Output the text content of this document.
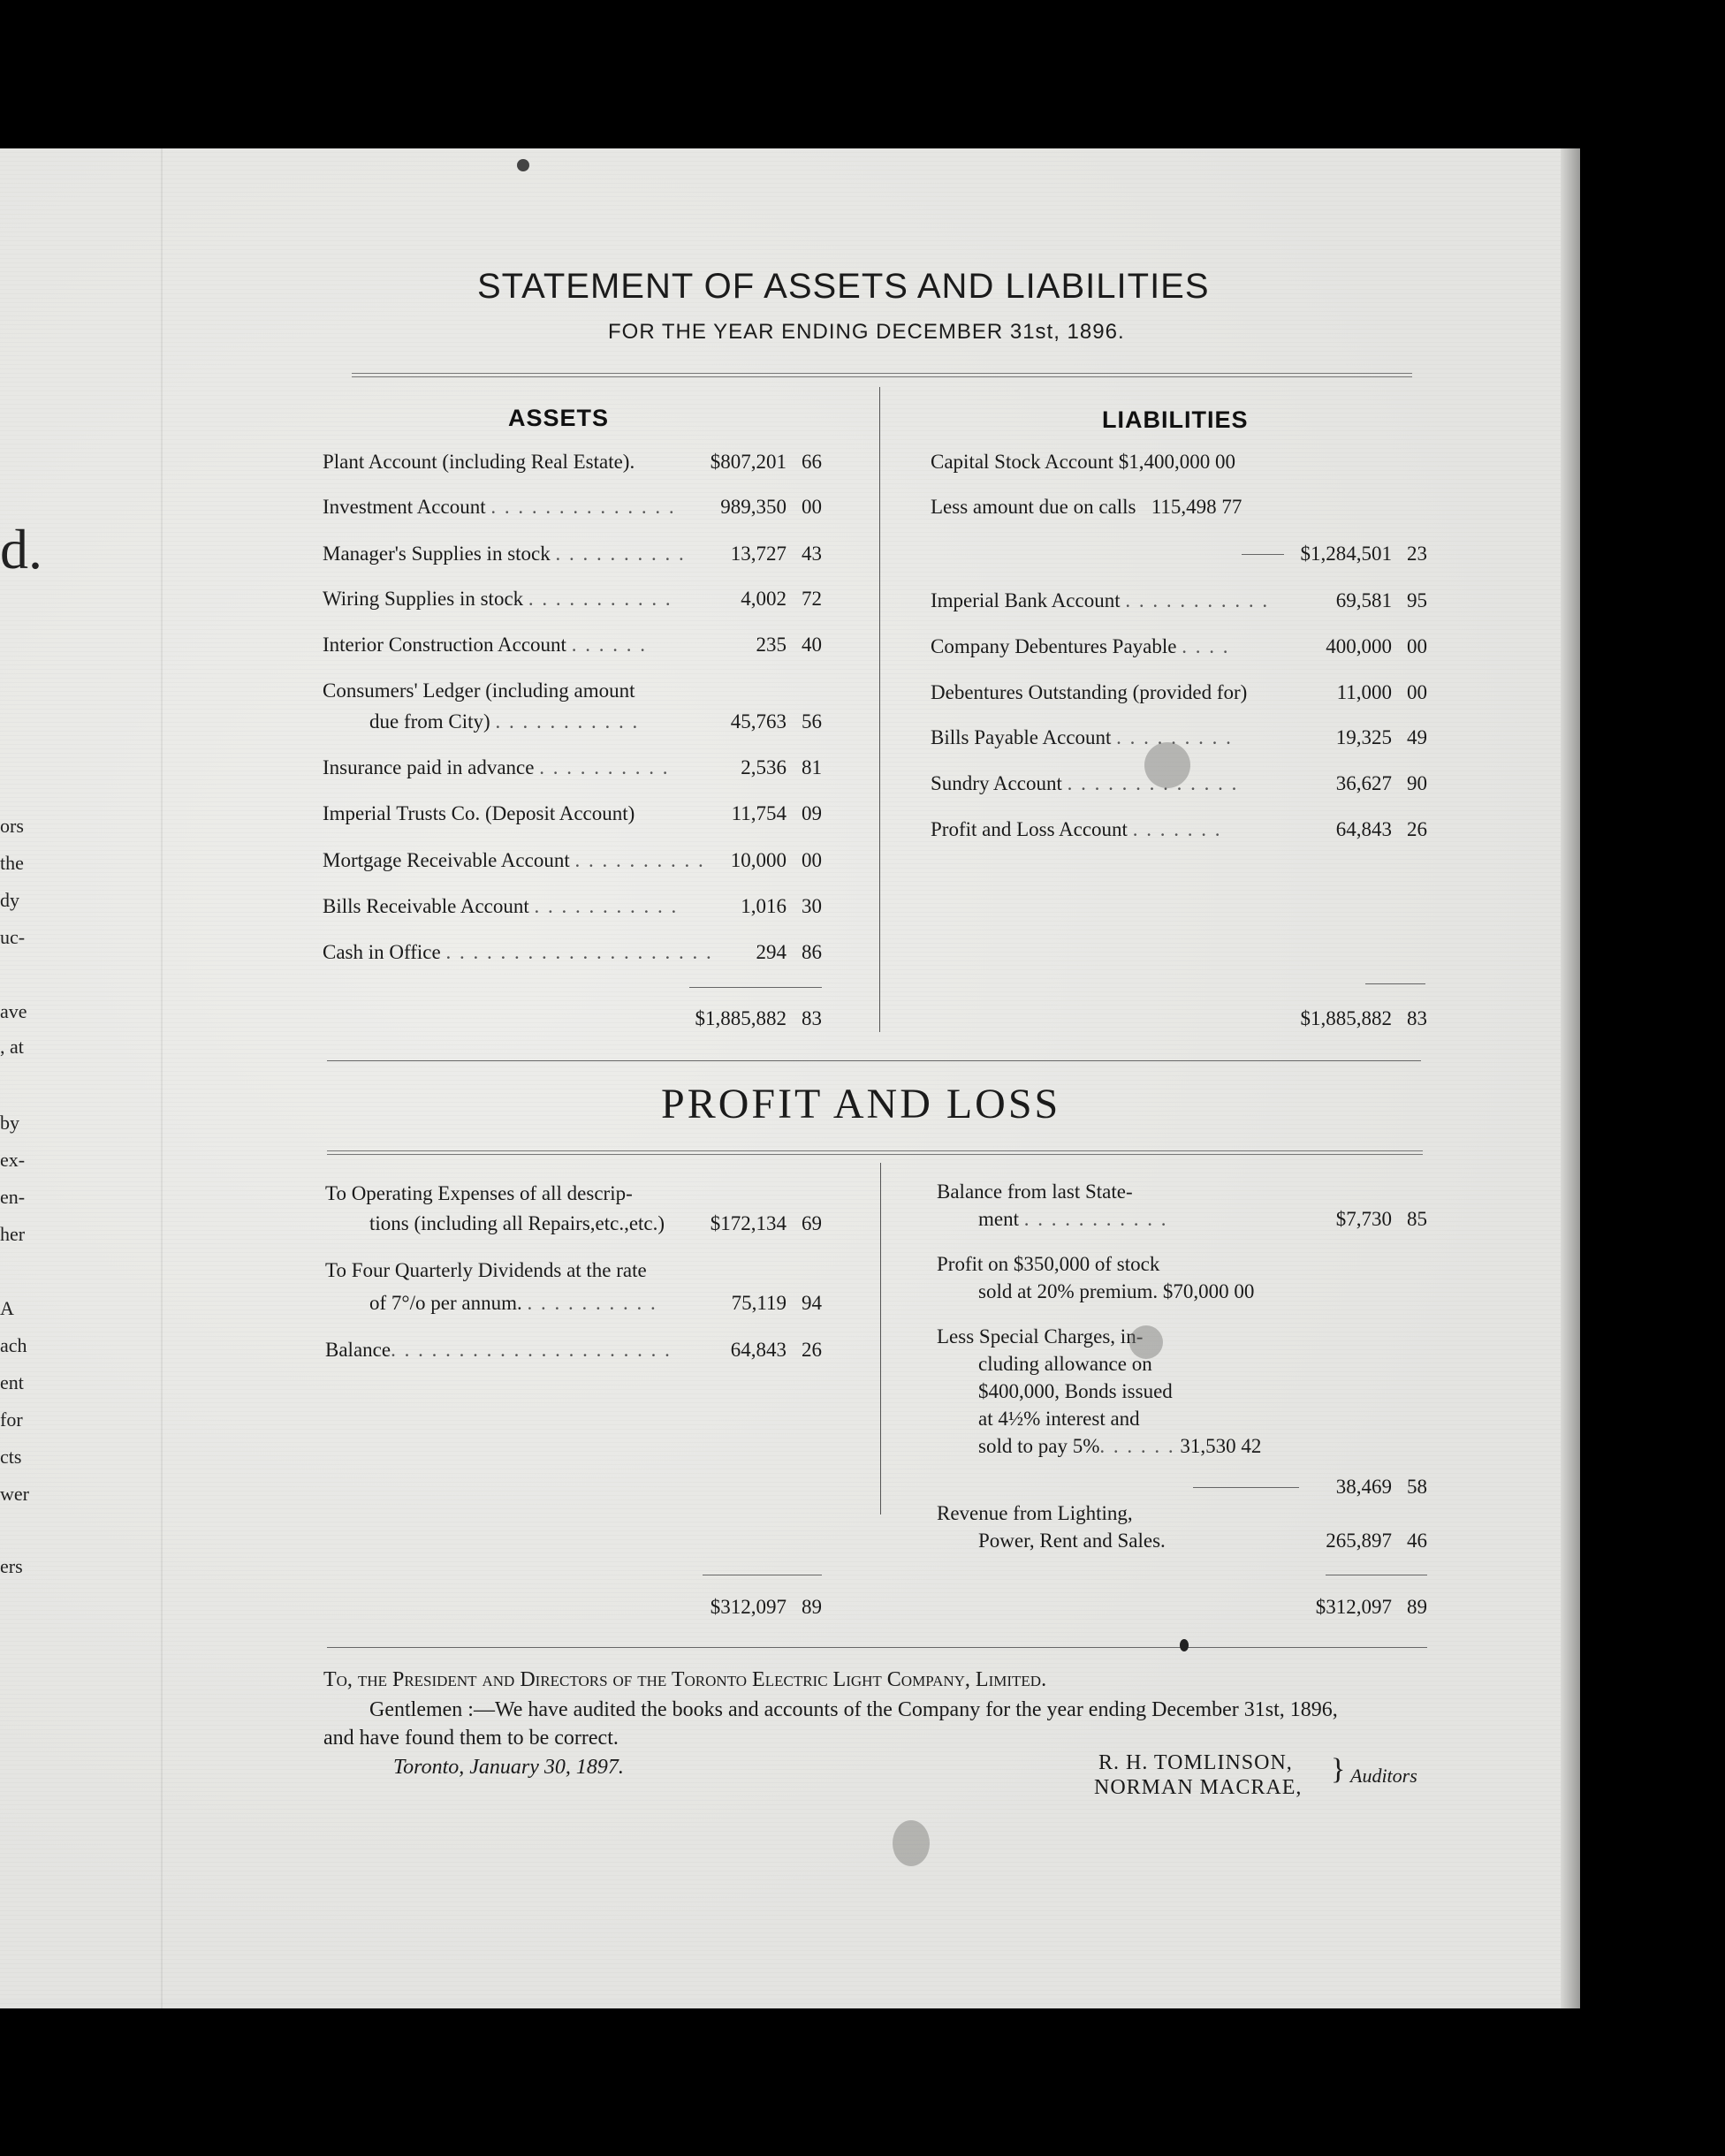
d.
ors
the
dy
uc-
ave
, at
by
ex-
en-
her
A
ach
ent
for
cts
wer
ers
STATEMENT OF ASSETS AND LIABILITIES
FOR THE YEAR ENDING DECEMBER 31st, 1896.
ASSETS
Plant Account (including Real Estate).	$807,201 66
Investment Account . . . . . . . . . . . . . .	989,350 00
Manager's Supplies in stock . . . . . . . . . .	13,727 43
Wiring Supplies in stock . . . . . . . . . . .	4,002 72
Interior Construction Account . . . . . .	235 40
Consumers' Ledger (including amount
due from City) . . . . . . . . . . .	45,763 56
Insurance paid in advance . . . . . . . . . .	2,536 81
Imperial Trusts Co. (Deposit Account)	11,754 09
Mortgage Receivable Account . . . . . . . . . .	10,000 00
Bills Receivable Account . . . . . . . . . . .	1,016 30
Cash in Office . . . . . . . . . . . . . . . . . . . .	294 86
$1,885,882 83
LIABILITIES
Capital Stock Account $1,400,000 00
Less amount due on calls 115,498 77
$1,284,501 23
Imperial Bank Account . . . . . . . . . . .	69,581 95
Company Debentures Payable . . . .	400,000 00
Debentures Outstanding (provided for)	11,000 00
Bills Payable Account . . . . . . . . .	19,325 49
Sundry Account . . . . . . . . . . . . .	36,627 90
Profit and Loss Account . . . . . . .	64,843 26
$1,885,882 83
PROFIT AND LOSS
To Operating Expenses of all descrip-
tions (including all Repairs,etc.,etc.)	$172,134 69
To Four Quarterly Dividends at the rate
of 7°/o per annum. . . . . . . . . . .	75,119 94
Balance. . . . . . . . . . . . . . . . . . . . .	64,843 26
$312,097 89
Balance from last State-
ment . . . . . . . . . . .	$7,730 85
Profit on $350,000 of stock
sold at 20% premium. $70,000 00
Less Special Charges, in-
cluding allowance on
$400,000, Bonds issued
at 4½% interest and
sold to pay 5%. . . . . . 31,530 42
38,469 58
Revenue from Lighting,
Power, Rent and Sales.	265,897 46
$312,097 89
To, the President and Directors of the Toronto Electric Light Company, Limited.
Gentlemen :—We have audited the books and accounts of the Company for the year ending December 31st, 1896,
and have found them to be correct.
Toronto, January 30, 1897.	R. H. TOMLINSON,
NORMAN MACRAE,
} Auditors
